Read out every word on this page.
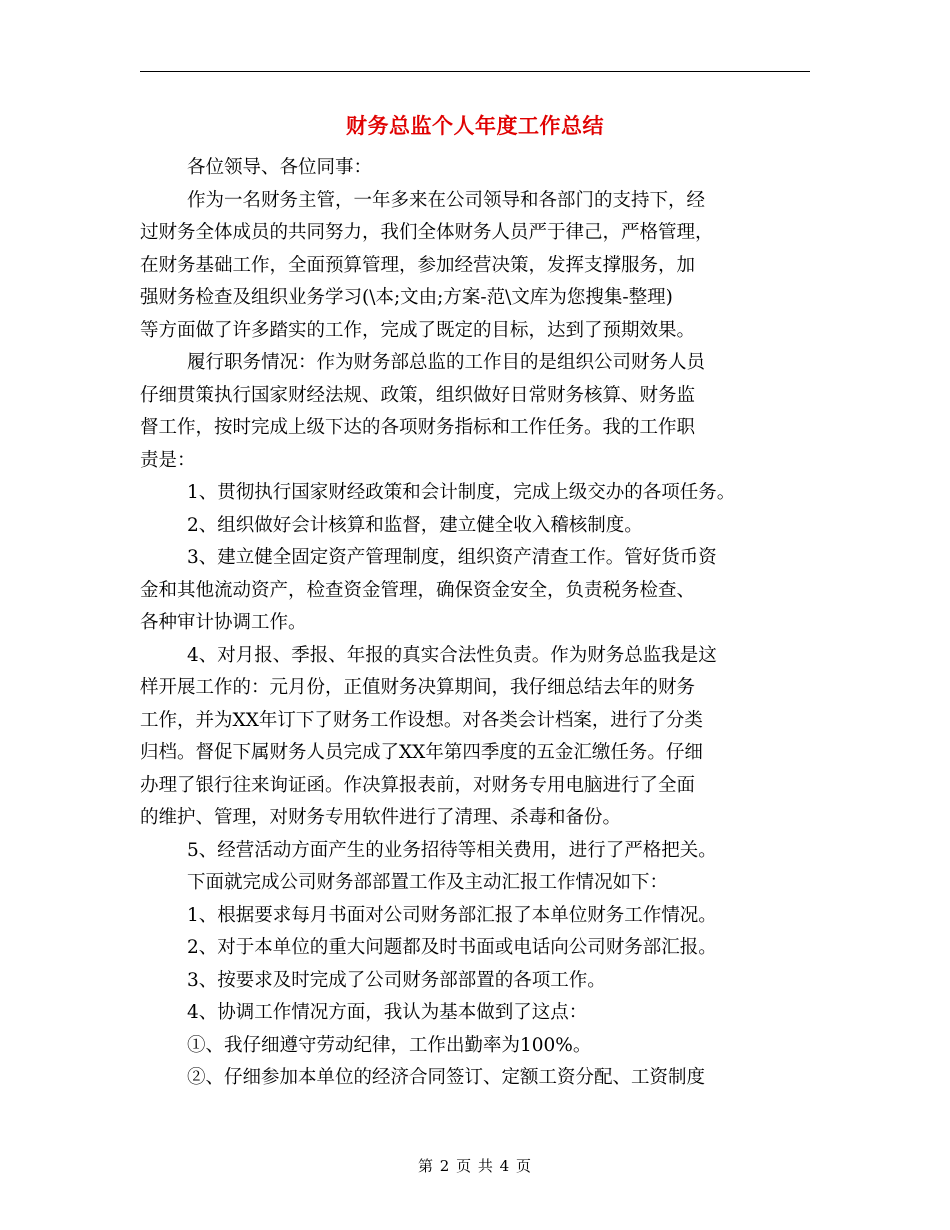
财务总监个人年度工作总结
各位领导、各位同事：
作为一名财务主管，一年多来在公司领导和各部门的支持下，经
过财务全体成员的共同努力，我们全体财务人员严于律己，严格管理，
在财务基础工作，全面预算管理，参加经营决策，发挥支撑服务，加
强财务检查及组织业务学习(\本;文由;方案-范\文库为您搜集-整理)
等方面做了许多踏实的工作，完成了既定的目标，达到了预期效果。
履行职务情况：作为财务部总监的工作目的是组织公司财务人员
仔细贯策执行国家财经法规、政策，组织做好日常财务核算、财务监
督工作，按时完成上级下达的各项财务指标和工作任务。我的工作职
责是：
1、贯彻执行国家财经政策和会计制度，完成上级交办的各项任务。
2、组织做好会计核算和监督，建立健全收入稽核制度。
3、建立健全固定资产管理制度，组织资产清查工作。管好货币资
金和其他流动资产，检查资金管理，确保资金安全，负责税务检查、
各种审计协调工作。
4、对月报、季报、年报的真实合法性负责。作为财务总监我是这
样开展工作的：元月份，正值财务决算期间，我仔细总结去年的财务
工作，并为XX年订下了财务工作设想。对各类会计档案，进行了分类
归档。督促下属财务人员完成了XX年第四季度的五金汇缴任务。仔细
办理了银行往来询证函。作决算报表前，对财务专用电脑进行了全面
的维护、管理，对财务专用软件进行了清理、杀毒和备份。
5、经营活动方面产生的业务招待等相关费用，进行了严格把关。
下面就完成公司财务部部置工作及主动汇报工作情况如下：
1、根据要求每月书面对公司财务部汇报了本单位财务工作情况。
2、对于本单位的重大问题都及时书面或电话向公司财务部汇报。
3、按要求及时完成了公司财务部部置的各项工作。
4、协调工作情况方面，我认为基本做到了这点：
①、我仔细遵守劳动纪律，工作出勤率为100%。
②、仔细参加本单位的经济合同签订、定额工资分配、工资制度
第 2 页 共 4 页
